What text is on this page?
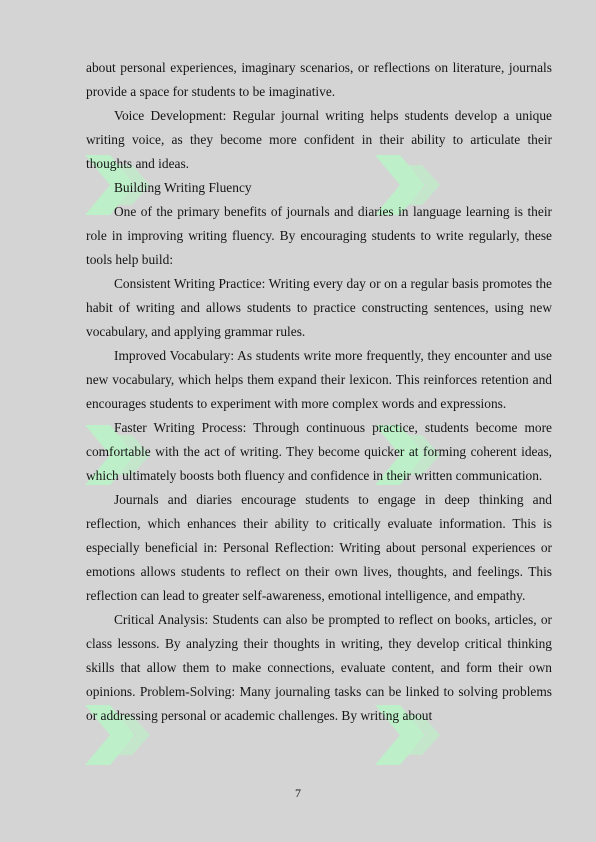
about personal experiences, imaginary scenarios, or reflections on literature, journals provide a space for students to be imaginative.

Voice Development: Regular journal writing helps students develop a unique writing voice, as they become more confident in their ability to articulate their thoughts and ideas.

Building Writing Fluency

One of the primary benefits of journals and diaries in language learning is their role in improving writing fluency. By encouraging students to write regularly, these tools help build:

Consistent Writing Practice: Writing every day or on a regular basis promotes the habit of writing and allows students to practice constructing sentences, using new vocabulary, and applying grammar rules.

Improved Vocabulary: As students write more frequently, they encounter and use new vocabulary, which helps them expand their lexicon. This reinforces retention and encourages students to experiment with more complex words and expressions.

Faster Writing Process: Through continuous practice, students become more comfortable with the act of writing. They become quicker at forming coherent ideas, which ultimately boosts both fluency and confidence in their written communication.

Journals and diaries encourage students to engage in deep thinking and reflection, which enhances their ability to critically evaluate information. This is especially beneficial in: Personal Reflection: Writing about personal experiences or emotions allows students to reflect on their own lives, thoughts, and feelings. This reflection can lead to greater self-awareness, emotional intelligence, and empathy.

Critical Analysis: Students can also be prompted to reflect on books, articles, or class lessons. By analyzing their thoughts in writing, they develop critical thinking skills that allow them to make connections, evaluate content, and form their own opinions. Problem-Solving: Many journaling tasks can be linked to solving problems or addressing personal or academic challenges. By writing about

7
